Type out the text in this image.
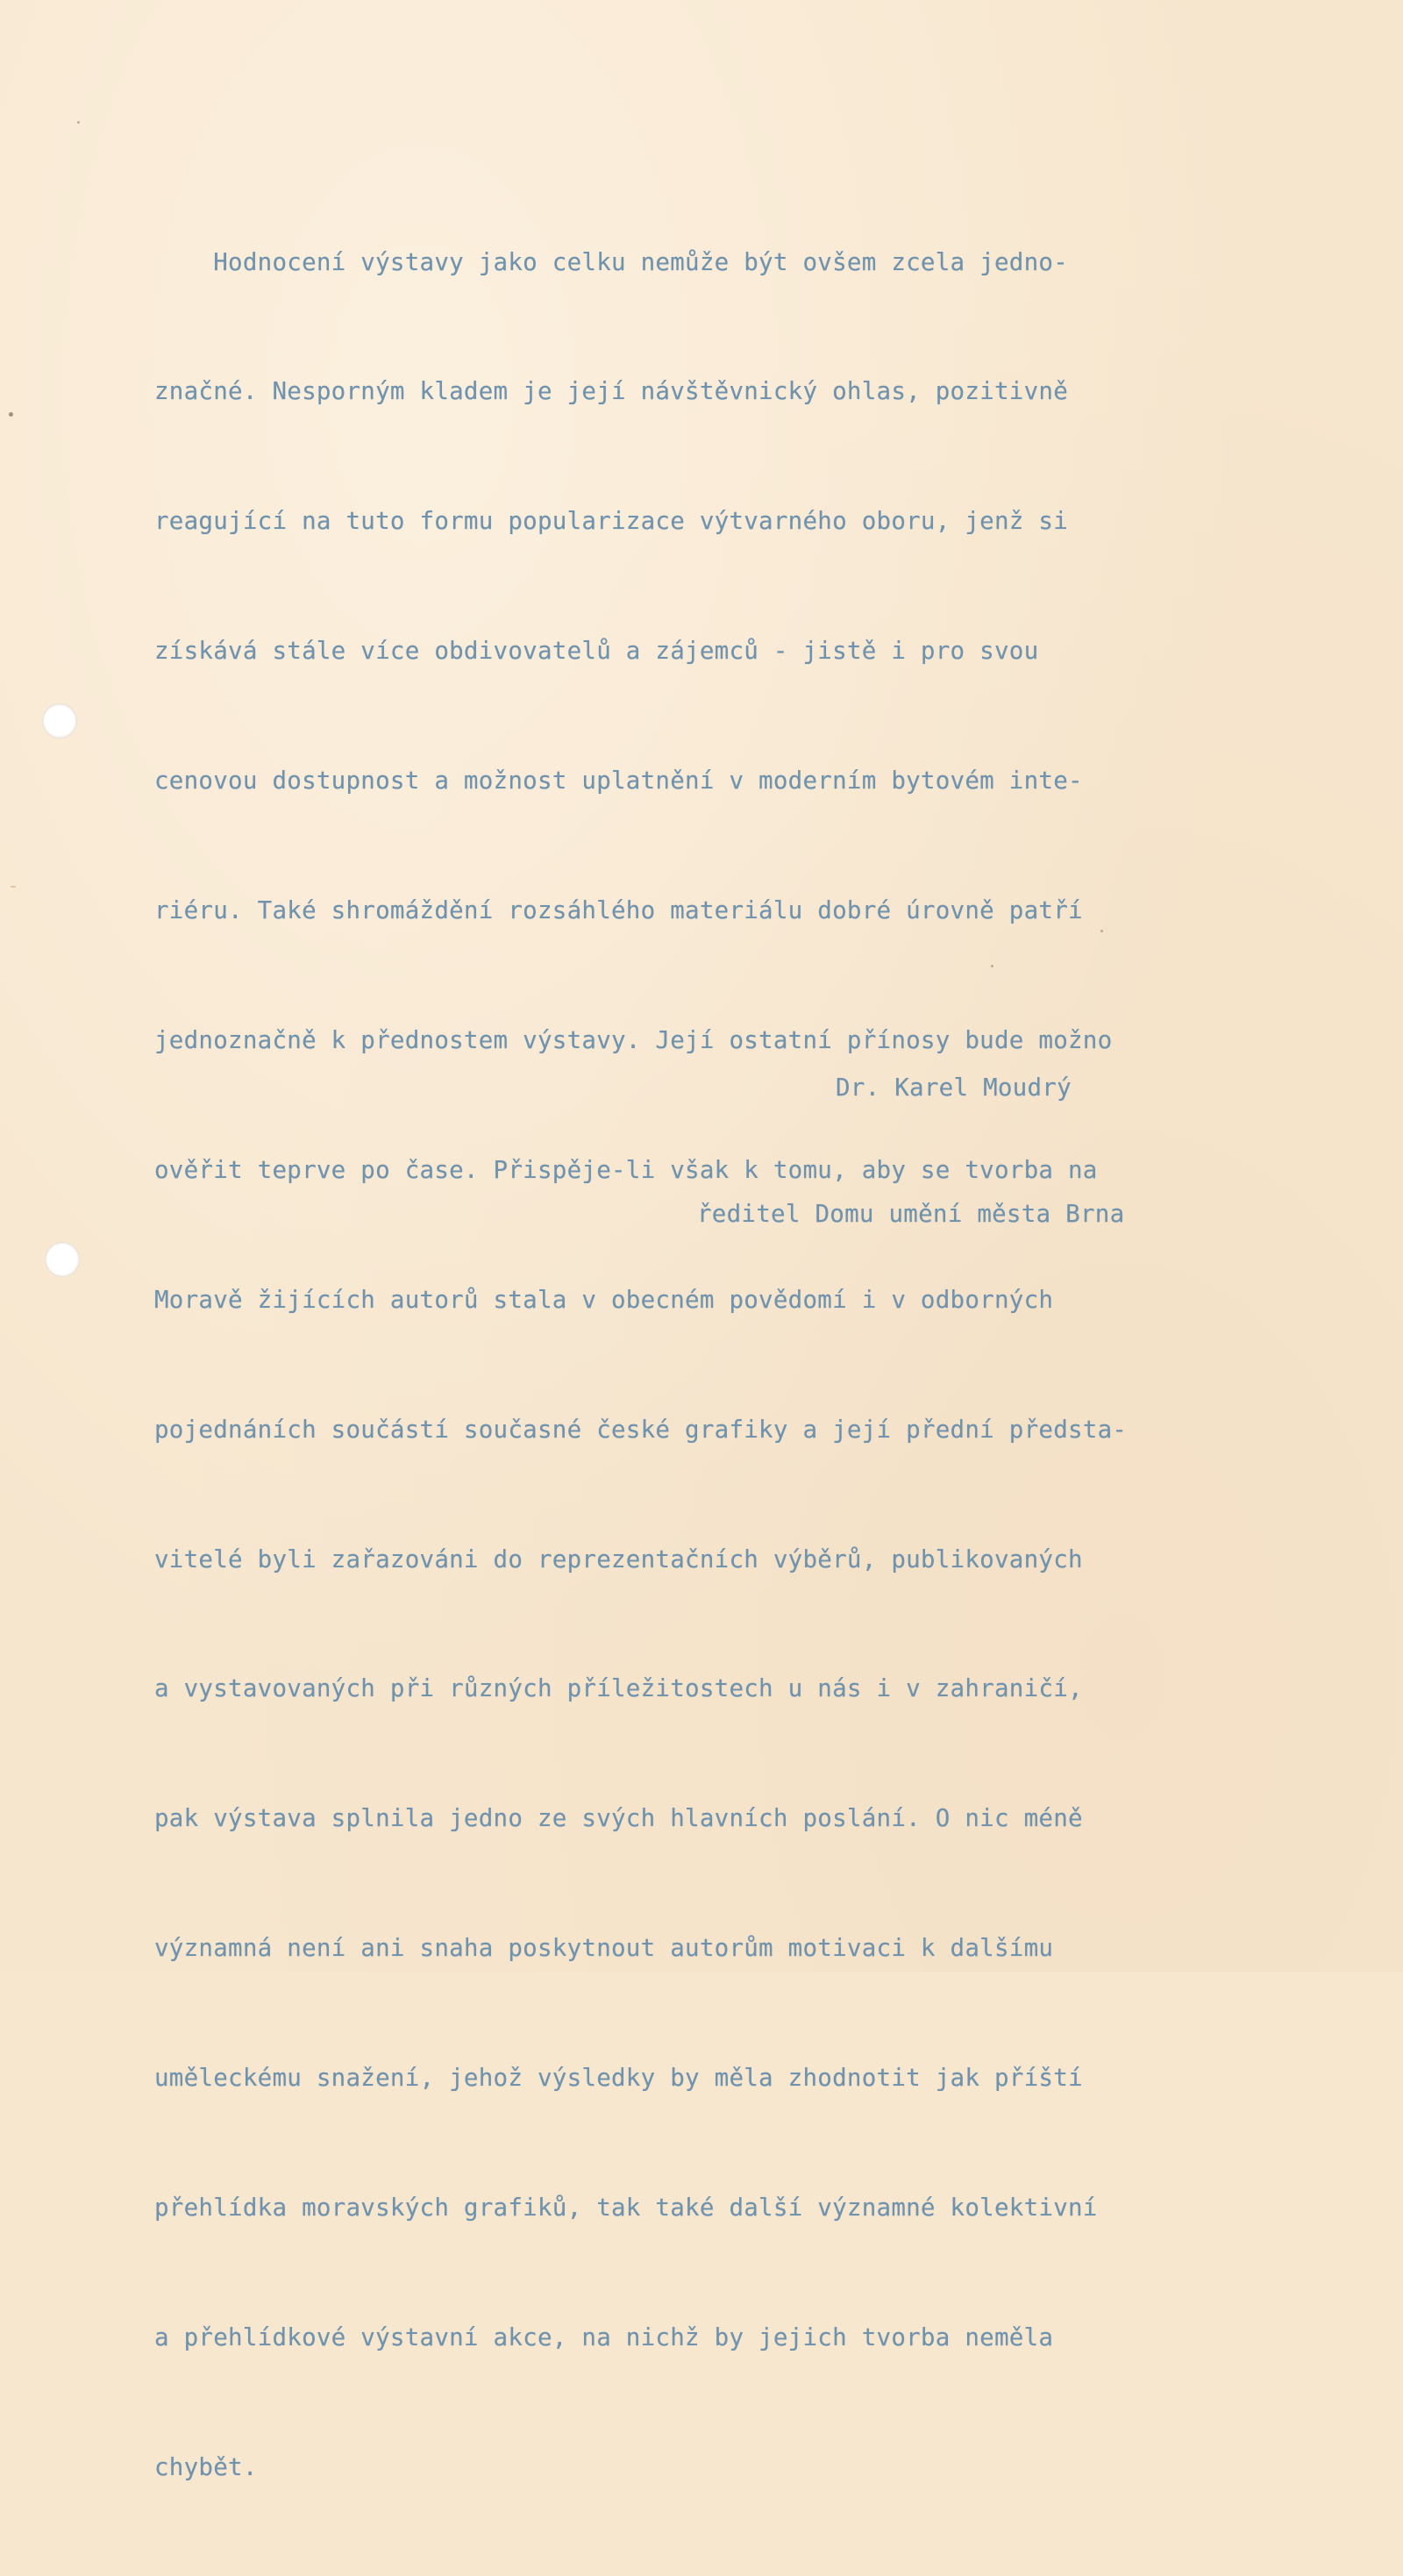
Hodnocení výstavy jako celku nemůže být ovšem zcela jedno-

značné. Nesporným kladem je její návštěvnický ohlas, pozitivně

reagující na tuto formu popularizace výtvarného oboru, jenž si

získává stále více obdivovatelů a zájemců - jistě i pro svou

cenovou dostupnost a možnost uplatnění v moderním bytovém inte-

riéru. Také shromáždění rozsáhlého materiálu dobré úrovně patří

jednoznačně k přednostem výstavy. Její ostatní přínosy bude možno

ověřit teprve po čase. Přispěje-li však k tomu, aby se tvorba na

Moravě žijících autorů stala v obecném povědomí i v odborných

pojednáních součástí současné české grafiky a její přední předsta-

vitelé byli zařazováni do reprezentačních výběrů, publikovaných

a vystavovaných při různých příležitostech u nás i v zahraničí,

pak výstava splnila jedno ze svých hlavních poslání. O nic méně

významná není ani snaha poskytnout autorům motivaci k dalšímu

uměleckému snažení, jehož výsledky by měla zhodnotit jak příští

přehlídka moravských grafiků, tak také další významné kolektivní

a přehlídkové výstavní akce, na nichž by jejich tvorba neměla

chybět.

Dr. Karel Moudrý

ředitel Domu umění města Brna
